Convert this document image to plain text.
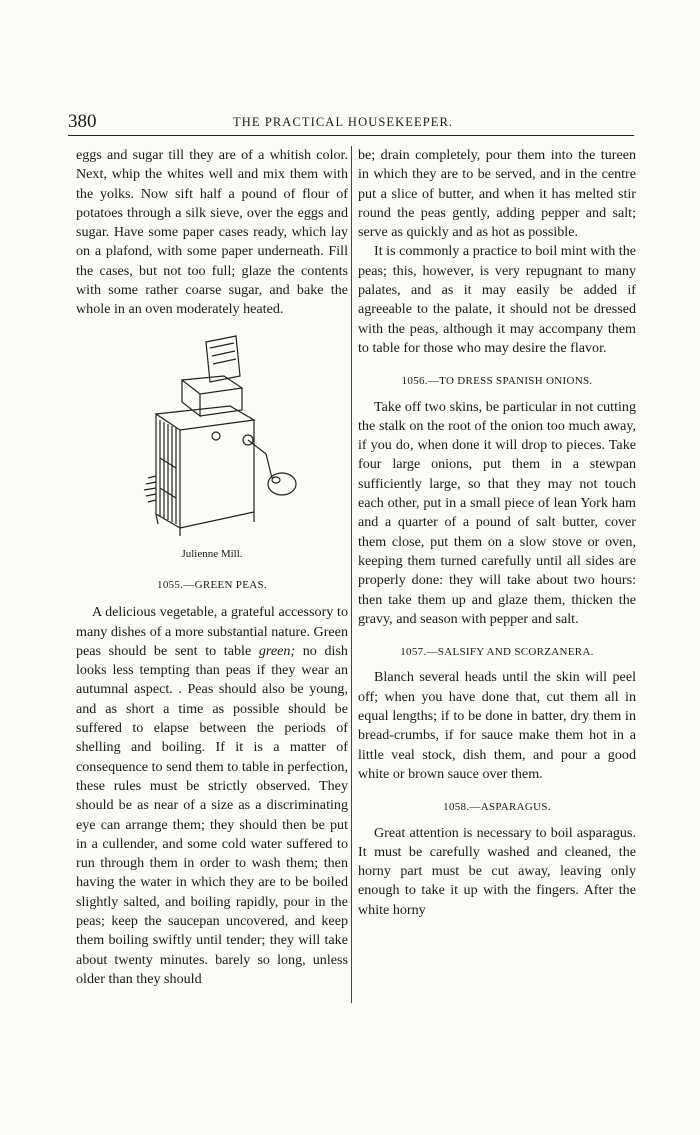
380	THE PRACTICAL HOUSEKEEPER.

eggs and sugar till they are of a whitish color. Next, whip the whites well and mix them with the yolks. Now sift half a pound of flour of potatoes through a silk sieve, over the eggs and sugar. Have some paper cases ready, which lay on a plafond, with some paper underneath. Fill the cases, but not too full; glaze the contents with some rather coarse sugar, and bake the whole in an oven moderately heated.

Julienne Mill.

1055.—GREEN PEAS.

A delicious vegetable, a grateful accessory to many dishes of a more substantial nature. Green peas should be sent to table green; no dish looks less tempting than peas if they wear an autumnal aspect. . Peas should also be young, and as short a time as possible should be suffered to elapse between the periods of shelling and boiling. If it is a matter of consequence to send them to table in perfection, these rules must be strictly observed. They should be as near of a size as a discriminating eye can arrange them; they should then be put in a cullender, and some cold water suffered to run through them in order to wash them; then having the water in which they are to be boiled slightly salted, and boiling rapidly, pour in the peas; keep the saucepan uncovered, and keep them boiling swiftly until tender; they will take about twenty minutes. barely so long, unless older than they should

be; drain completely, pour them into the tureen in which they are to be served, and in the centre put a slice of butter, and when it has melted stir round the peas gently, adding pepper and salt; serve as quickly and as hot as possible.

It is commonly a practice to boil mint with the peas; this, however, is very repugnant to many palates, and as it may easily be added if agreeable to the palate, it should not be dressed with the peas, although it may accompany them to table for those who may desire the flavor.

1056.—TO DRESS SPANISH ONIONS.

Take off two skins, be particular in not cutting the stalk on the root of the onion too much away, if you do, when done it will drop to pieces. Take four large onions, put them in a stewpan sufficiently large, so that they may not touch each other, put in a small piece of lean York ham and a quarter of a pound of salt butter, cover them close, put them on a slow stove or oven, keeping them turned carefully until all sides are properly done: they will take about two hours: then take them up and glaze them, thicken the gravy, and season with pepper and salt.

1057.—SALSIFY AND SCORZANERA.

Blanch several heads until the skin will peel off; when you have done that, cut them all in equal lengths; if to be done in batter, dry them in bread-crumbs, if for sauce make them hot in a little veal stock, dish them, and pour a good white or brown sauce over them.

1058.—ASPARAGUS.

Great attention is necessary to boil asparagus. It must be carefully washed and cleaned, the horny part must be cut away, leaving only enough to take it up with the fingers. After the white horny
